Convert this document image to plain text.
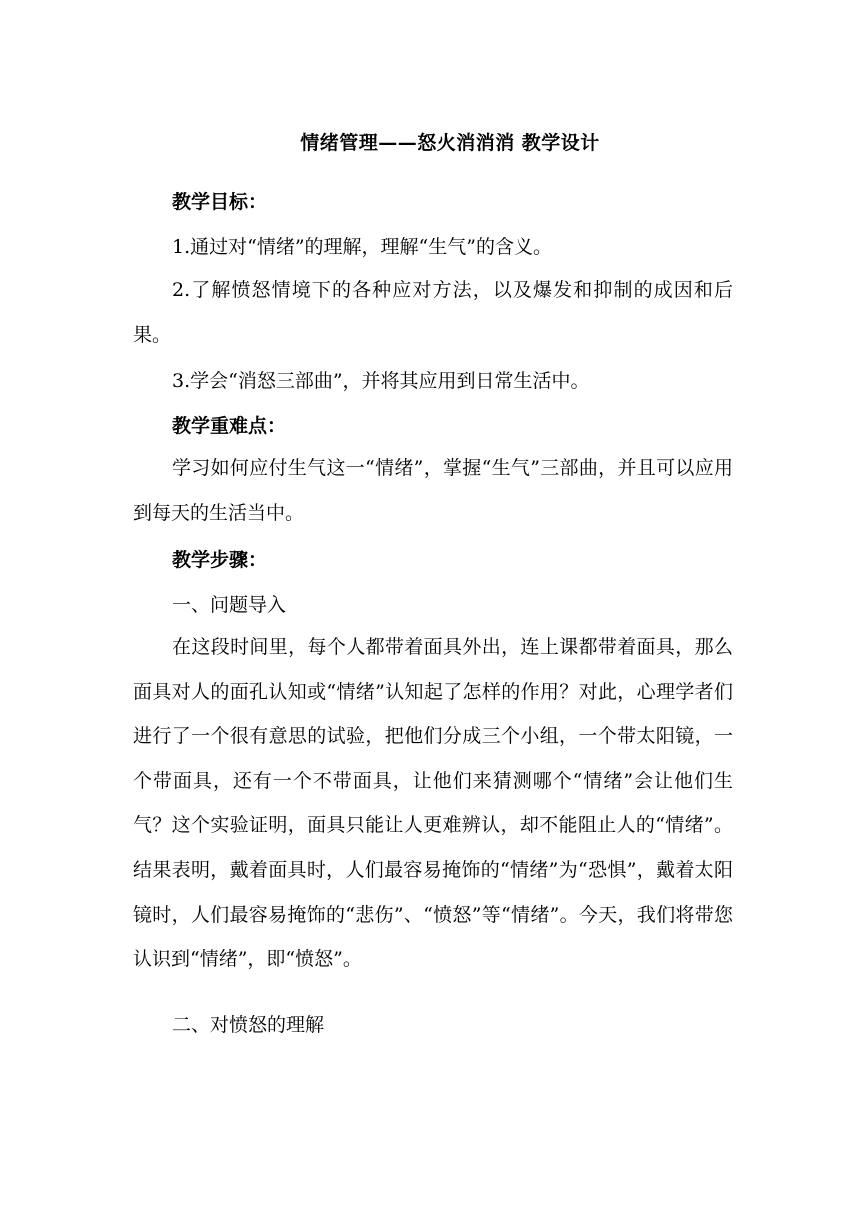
情绪管理——怒火消消消 教学设计
教学目标：
1.通过对“情绪”的理解，理解“生气”的含义。

2.了解愤怒情境下的各种应对方法，以及爆发和抑制的成因和后果。

3.学会“消怒三部曲”，并将其应用到日常生活中。
教学重难点：

学习如何应付生气这一“情绪”，掌握“生气”三部曲，并且可以应用到每天的生活当中。

教学步骤：
一、问题导入

在这段时间里，每个人都带着面具外出，连上课都带着面具，那么面具对人的面孔认知或“情绪”认知起了怎样的作用？对此，心理学者们进行了一个很有意思的试验，把他们分成三个小组，一个带太阳镜，一个带面具，还有一个不带面具，让他们来猜测哪个“情绪”会让他们生气？这个实验证明，面具只能让人更难辨认，却不能阻止人的“情绪”。结果表明，戴着面具时，人们最容易掩饰的“情绪”为“恐惧”，戴着太阳镜时，人们最容易掩饰的“悲伤”、“愤怒”等“情绪”。今天，我们将带您认识到“情绪”，即“愤怒”。

二、对愤怒的理解
